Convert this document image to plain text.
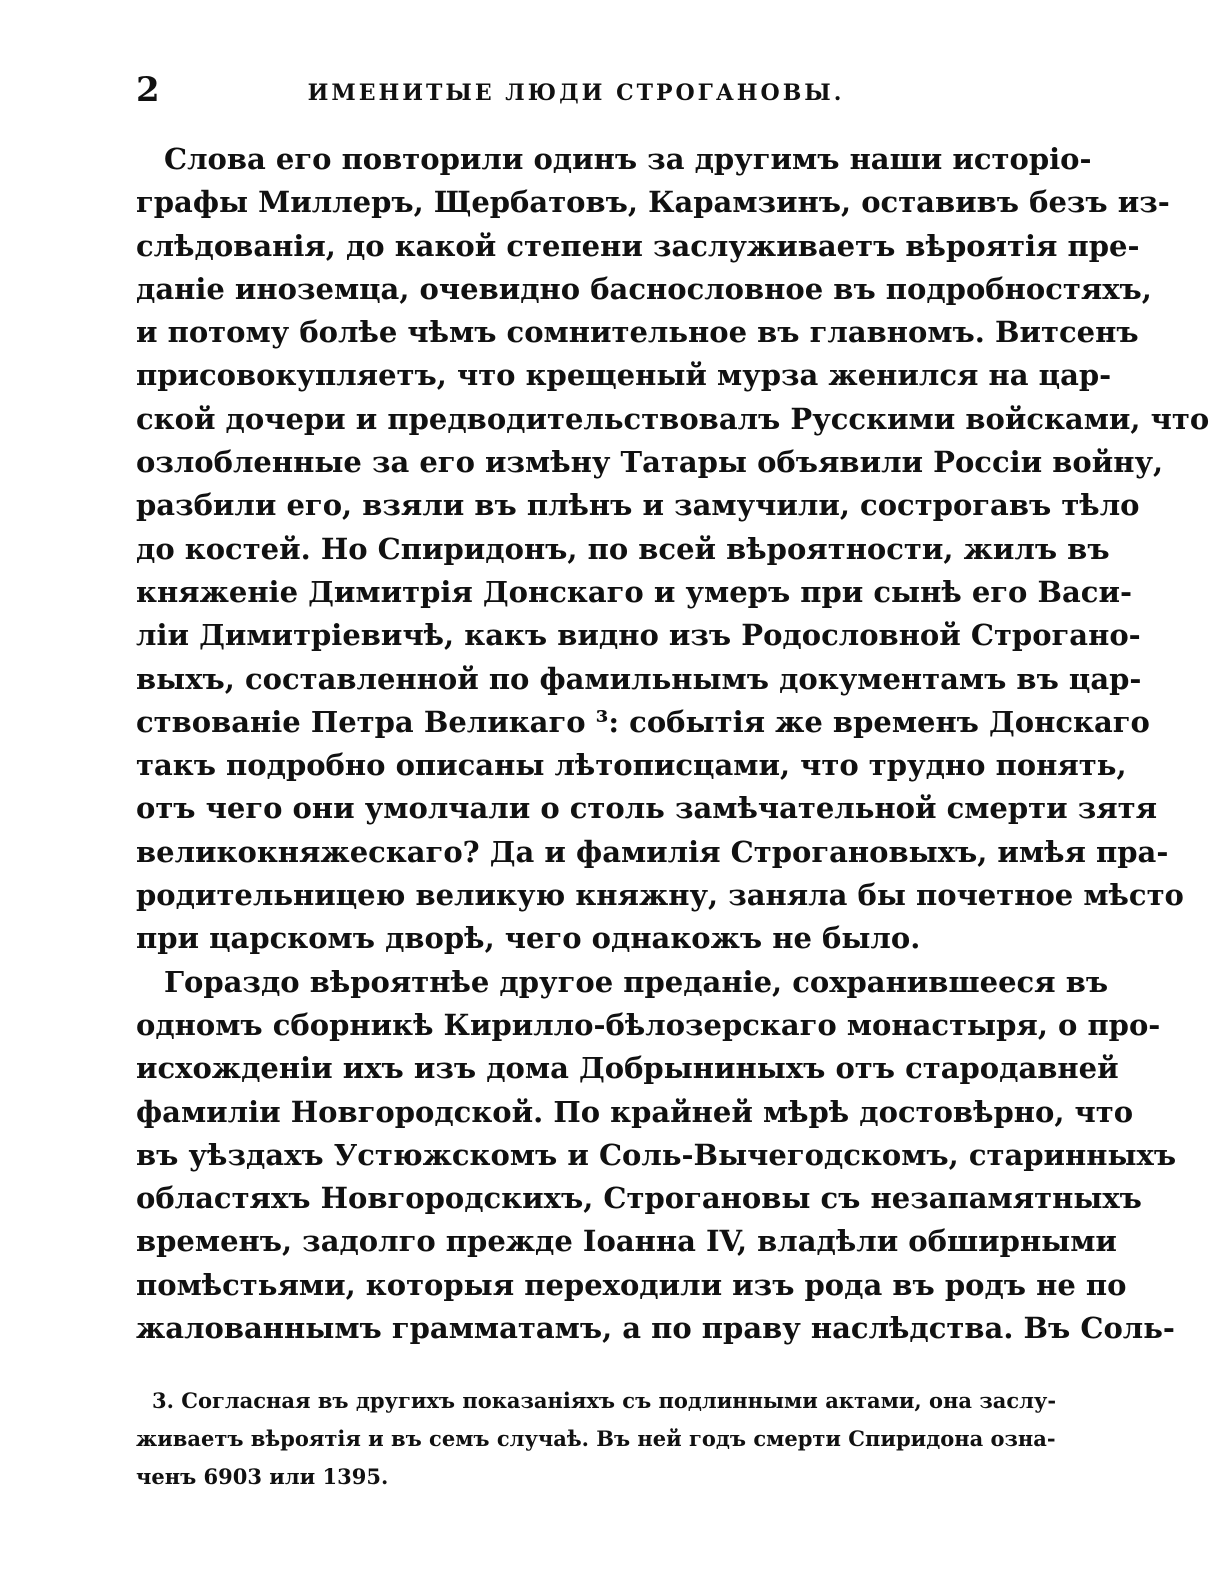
2	ИМЕНИТЫЕ ЛЮДИ СТРОГАНОВЫ.
Слова его повторили одинъ за другимъ наши исторіо-
графы Миллеръ, Щербатовъ, Карамзинъ, оставивъ безъ из-
слѣдованія, до какой степени заслуживаетъ вѣроятія пре-
даніе иноземца, очевидно баснословное въ подробностяхъ,
и потому болѣе чѣмъ сомнительное въ главномъ. Витсенъ
присовокупляетъ, что крещеный мурза женился на цар-
ской дочери и предводительствовалъ Русскими войсками, что
озлобленные за его измѣну Татары объявили Россіи войну,
разбили его, взяли въ плѣнъ и замучили, сострогавъ тѣло
до костей. Но Спиридонъ, по всей вѣроятности, жилъ въ
княженіе Димитрія Донскаго и умеръ при сынѣ его Васи-
ліи Димитріевичѣ, какъ видно изъ Родословной Строгано-
выхъ, составленной по фамильнымъ документамъ въ цар-
ствованіе Петра Великаго ³: событія же временъ Донскаго
такъ подробно описаны лѣтописцами, что трудно понять,
отъ чего они умолчали о столь замѣчательной смерти зятя
великокняжескаго? Да и фамилія Строгановыхъ, имѣя пра-
родительницею великую княжну, заняла бы почетное мѣсто
при царскомъ дворѣ, чего однакожъ не было.
Гораздо вѣроятнѣе другое преданіе, сохранившееся въ
одномъ сборникѣ Кирилло-бѣлозерскаго монастыря, о про-
исхожденіи ихъ изъ дома Добрыниныхъ отъ стародавней
фамиліи Новгородской. По крайней мѣрѣ достовѣрно, что
въ уѣздахъ Устюжскомъ и Соль-Вычегодскомъ, старинныхъ
областяхъ Новгородскихъ, Строгановы съ незапамятныхъ
временъ, задолго прежде Іоанна IV, владѣли обширными
помѣстьями, которыя переходили изъ рода въ родъ не по
жалованнымъ грамматамъ, а по праву наслѣдства. Въ Соль-
3. Согласная въ другихъ показаніяхъ съ подлинными актами, она заслу-
живаетъ вѣроятія и въ семъ случаѣ. Въ ней годъ смерти Спиридона озна-
ченъ 6903 или 1395.
